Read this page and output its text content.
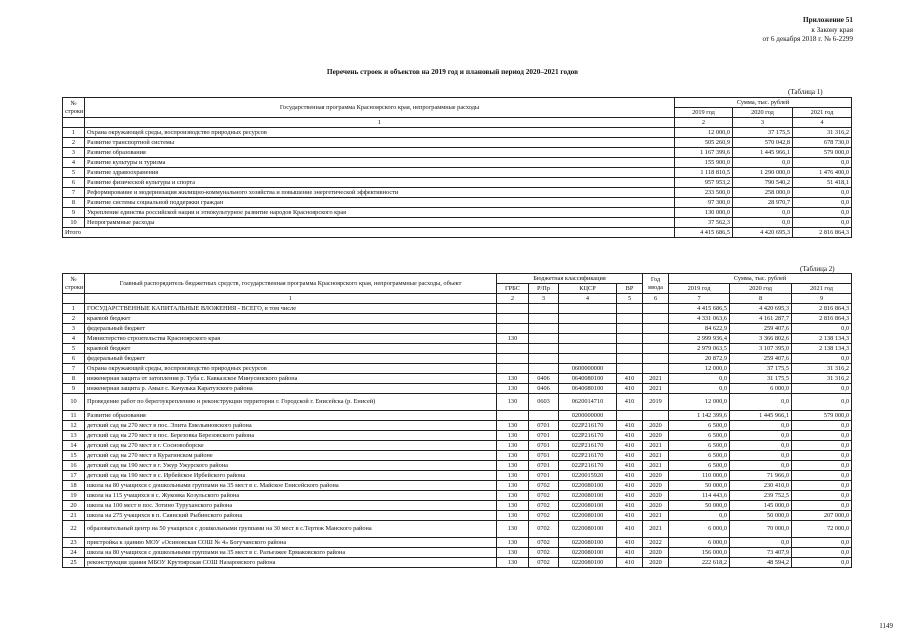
Приложение 51
к Закону края
от 6 декабря 2018 г. № 6-2299
Перечень строек и объектов на 2019 год и плановый период 2020–2021 годов
(Таблица 1)
№
строки	Государственная программа Красноярского края, непрограммные расходы	Сумма, тыс. рублей		
		2019 год	2020 год	2021 год
	1	2	3	4
1	Охрана окружающей среды, воспроизводство природных ресурсов	12 000,0	37 175,5	31 316,2
2	Развитие транспортной системы	505 260,9	570 042,8	678 730,0
3	Развитие образования	1 167 399,6	1 445 966,1	579 000,0
4	Развитие культуры и туризма	155 900,0	0,0	0,0
5	Развитие здравоохранения	1 118 810,5	1 290 000,0	1 476 400,0
6	Развитие физической культуры и спорта	957 953,2	790 540,2	51 418,1
7	Реформирование и модернизация жилищно-коммунального хозяйства и повышение энергетической эффективности	233 500,0	258 000,0	0,0
8	Развитие системы социальной поддержки граждан	97 300,0	28 970,7	0,0
9	Укрепление единства российской нации и этнокультурное развитие народов Красноярского края	130 000,0	0,0	0,0
10	Непрограммные расходы	37 562,3	0,0	0,0
Итого		4 415 686,5	4 420 695,3	2 816 864,3
(Таблица 2)
№
строки	Главный распорядитель бюджетных средств, государственная программа Красноярского края, непрограммные расходы, объект	Бюджетная классификация				Год ввода	Сумма, тыс. рублей		
		ГРБС	Р/Пр	КЦСР	ВР		2019 год	2020 год	2021 год
	1	2	3	4	5	6	7	8	9
1	ГОСУДАРСТВЕННЫЕ КАПИТАЛЬНЫЕ ВЛОЖЕНИЯ - ВСЕГО, в том числе						4 415 686,5	4 420 695,3	2 816 864,3
2	краевой бюджет						4 331 063,6	4 161 287,7	2 816 864,3
3	федеральный бюджет						84 622,9	259 407,6	0,0
4	Министерство строительства Красноярского края	130					2 999 936,4	3 366 802,6	2 138 134,3
5	краевой бюджет						2 979 063,5	3 107 395,0	2 138 134,3
6	федеральный бюджет						20 872,9	259 407,6	0,0
7	Охрана окружающей среды, воспроизводство природных ресурсов			0600000000			12 000,0	37 175,5	31 316,2
8	инженерная защита от затопления р. Туба с. Кавказское Минусинского района	130	0406	0640080100	410	2021	0,0	31 175,5	31 316,2
9	инженерная защита р. Амыл с. Качулька Каратузского района	130	0406	0640080100	410	2021	0,0	6 000,0	0,0
10	Проведение работ по берегоукреплению и реконструкции территории г. Городской г. Енисейска (р. Енисей)	130	0603	0620014710	410	2019	12 000,0	0,0	0,0
11	Развитие образования			0200000000			1 142 399,6	1 445 966,1	579 000,0
12	детский сад на 270 мест в пос. Элита Емельяновского района	130	0701	022P216170	410	2020	6 500,0	0,0	0,0
13	детский сад на 270 мест в пос. Березовка Березовского района	130	0701	022P216170	410	2020	6 500,0	0,0	0,0
14	детский сад на 270 мест в г. Сосновоборске	130	0701	022P216170	410	2021	6 500,0	0,0	0,0
15	детский сад на 270 мест в Курагинском районе	130	0701	022P216170	410	2021	6 500,0	0,0	0,0
16	детский сад на 190 мест в г. Ужур Ужурского района	130	0701	022P216170	410	2021	6 500,0	0,0	0,0
17	детский сад на 190 мест в с. Ирбейское Ирбейского района	130	0701	0220015920	410	2020	110 000,0	71 966,0	0,0
18	школа на 80 учащихся с дошкольными группами на 35 мест в с. Майское Енисейского района	130	0702	0220080100	410	2020	50 000,0	230 410,0	0,0
19	школа на 115 учащихся в с. Жуковка Козульского района	130	0702	0220080100	410	2020	114 443,6	239 752,5	0,0
20	школа на 100 мест в пос. Зотино Туруханского района	130	0702	0220080100	410	2020	50 000,0	145 000,0	0,0
21	школа на 275 учащихся в п. Саянский Рыбинского района	130	0702	0220080100	410	2021	0,0	50 000,0	207 000,0
22	образовательный центр на 50 учащихся с дошкольными группами на 30 мест в с.Тертеж Манского района	130	0702	0220080100	410	2021	6 000,0	70 000,0	72 000,0
23	пристройка к зданию МОУ «Осиновская СОШ № 4» Богучанского района	130	0702	0220080100	410	2022	6 000,0	0,0	0,0
24	школа на 80 учащихся с дошкольными группами на 35 мест в с. Разъезжее Ермаковского района	130	0702	0220080100	410	2020	156 000,0	73 407,9	0,0
25	реконструкция здания МБОУ Крутоярская СОШ Назаровского района	130	0702	0220080100	410	2020	222 618,2	48 594,2	0,0
1149
